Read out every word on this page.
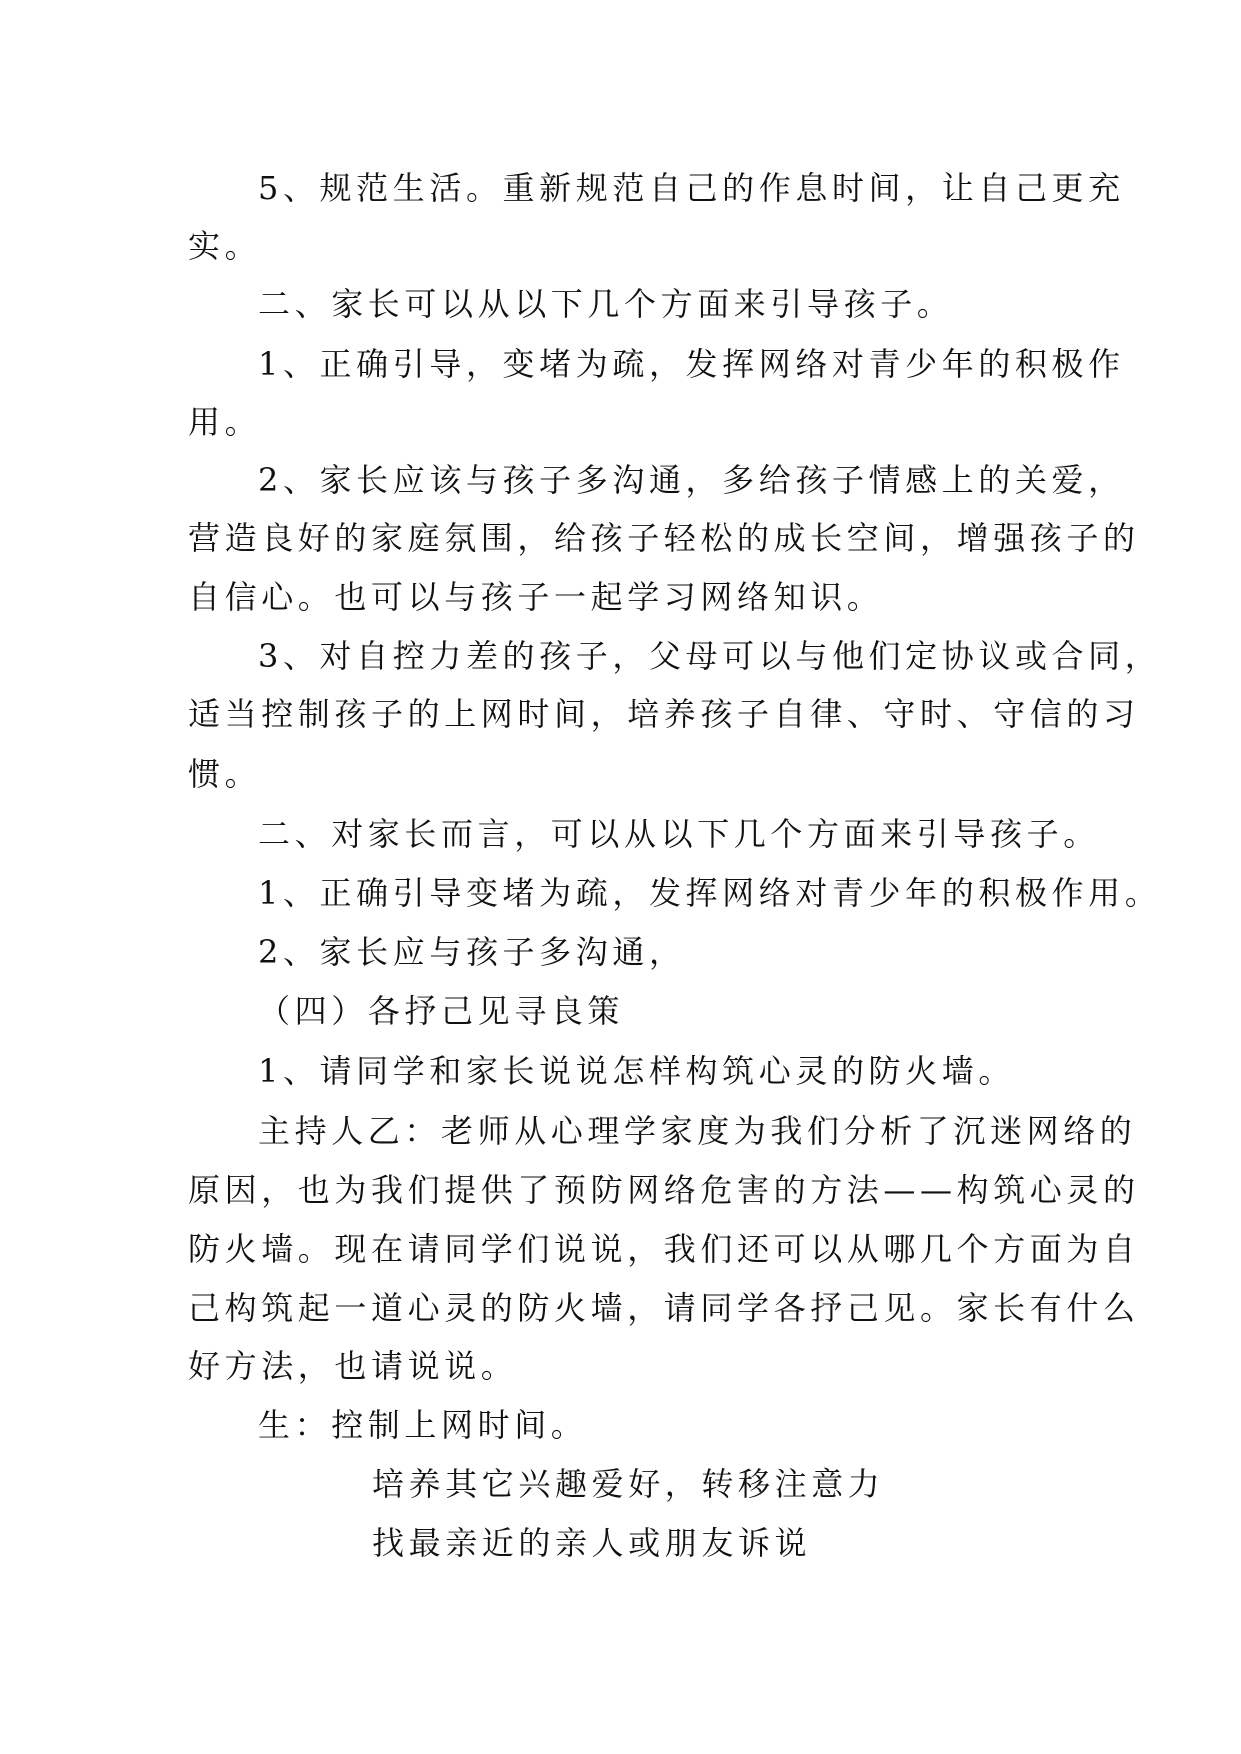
5、规范生活。重新规范自己的作息时间，让自己更充
实。
二、家长可以从以下几个方面来引导孩子。
1、正确引导，变堵为疏，发挥网络对青少年的积极作
用。
2、家长应该与孩子多沟通，多给孩子情感上的关爱，
营造良好的家庭氛围，给孩子轻松的成长空间，增强孩子的
自信心。也可以与孩子一起学习网络知识。
3、对自控力差的孩子，父母可以与他们定协议或合同，
适当控制孩子的上网时间，培养孩子自律、守时、守信的习
惯。
二、对家长而言，可以从以下几个方面来引导孩子。
1、正确引导变堵为疏，发挥网络对青少年的积极作用。
2、家长应与孩子多沟通，
（四）各抒己见寻良策
1、请同学和家长说说怎样构筑心灵的防火墙。
主持人乙：老师从心理学家度为我们分析了沉迷网络的
原因，也为我们提供了预防网络危害的方法——构筑心灵的
防火墙。现在请同学们说说，我们还可以从哪几个方面为自
己构筑起一道心灵的防火墙，请同学各抒己见。家长有什么
好方法，也请说说。
生：控制上网时间。
培养其它兴趣爱好，转移注意力
找最亲近的亲人或朋友诉说
